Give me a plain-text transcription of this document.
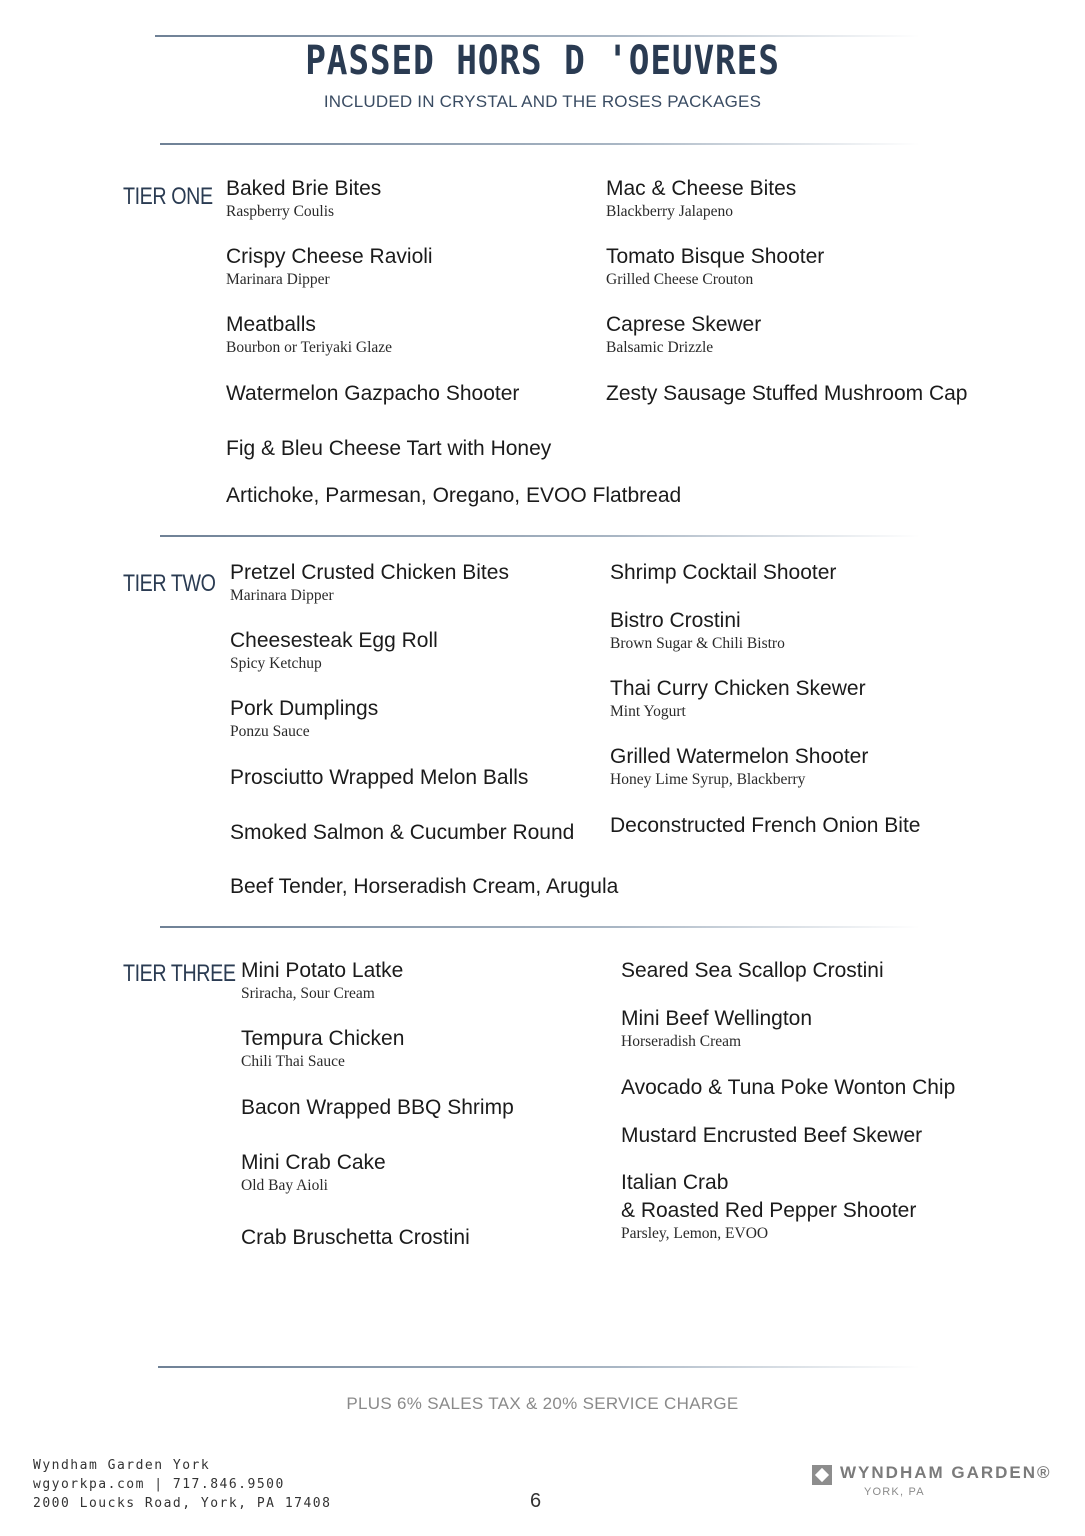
PASSED HORS D 'OEUVRES
INCLUDED IN CRYSTAL AND THE ROSES PACKAGES
TIER ONE Baked Brie Bites
Raspberry Coulis
Mac & Cheese Bites
Blackberry Jalapeno
Crispy Cheese Ravioli
Marinara Dipper
Tomato Bisque Shooter
Grilled Cheese Crouton
Meatballs
Bourbon or Teriyaki Glaze
Caprese Skewer
Balsamic Drizzle
Watermelon Gazpacho Shooter	Zesty Sausage Stuffed Mushroom Cap
Fig & Bleu Cheese Tart with Honey
Artichoke, Parmesan, Oregano, EVOO Flatbread
TIER TWO Pretzel Crusted Chicken Bites
Marinara Dipper
Shrimp Cocktail Shooter
Bistro Crostini
Brown Sugar & Chili Bistro
Cheesesteak Egg Roll
Spicy Ketchup
Thai Curry Chicken Skewer
Mint Yogurt
Pork Dumplings
Ponzu Sauce
Grilled Watermelon Shooter
Honey Lime Syrup, Blackberry
Prosciutto Wrapped Melon Balls
Deconstructed French Onion Bite
Smoked Salmon & Cucumber Round
Beef Tender, Horseradish Cream, Arugula
TIER THREE Mini Potato Latke
Sriracha, Sour Cream
Seared Sea Scallop Crostini
Mini Beef Wellington
Horseradish Cream
Tempura Chicken
Chili Thai Sauce
Avocado & Tuna Poke Wonton Chip
Bacon Wrapped BBQ Shrimp
Mustard Encrusted Beef Skewer
Mini Crab Cake
Old Bay Aioli	Italian Crab
& Roasted Red Pepper Shooter
Parsley, Lemon, EVOO
Crab Bruschetta Crostini
PLUS 6% SALES TAX & 20% SERVICE CHARGE
Wyndham Garden York
wgyorkpa.com | 717.846.9500
2000 Loucks Road, York, PA 17408	6
WYNDHAM GARDEN®
YORK, PA
